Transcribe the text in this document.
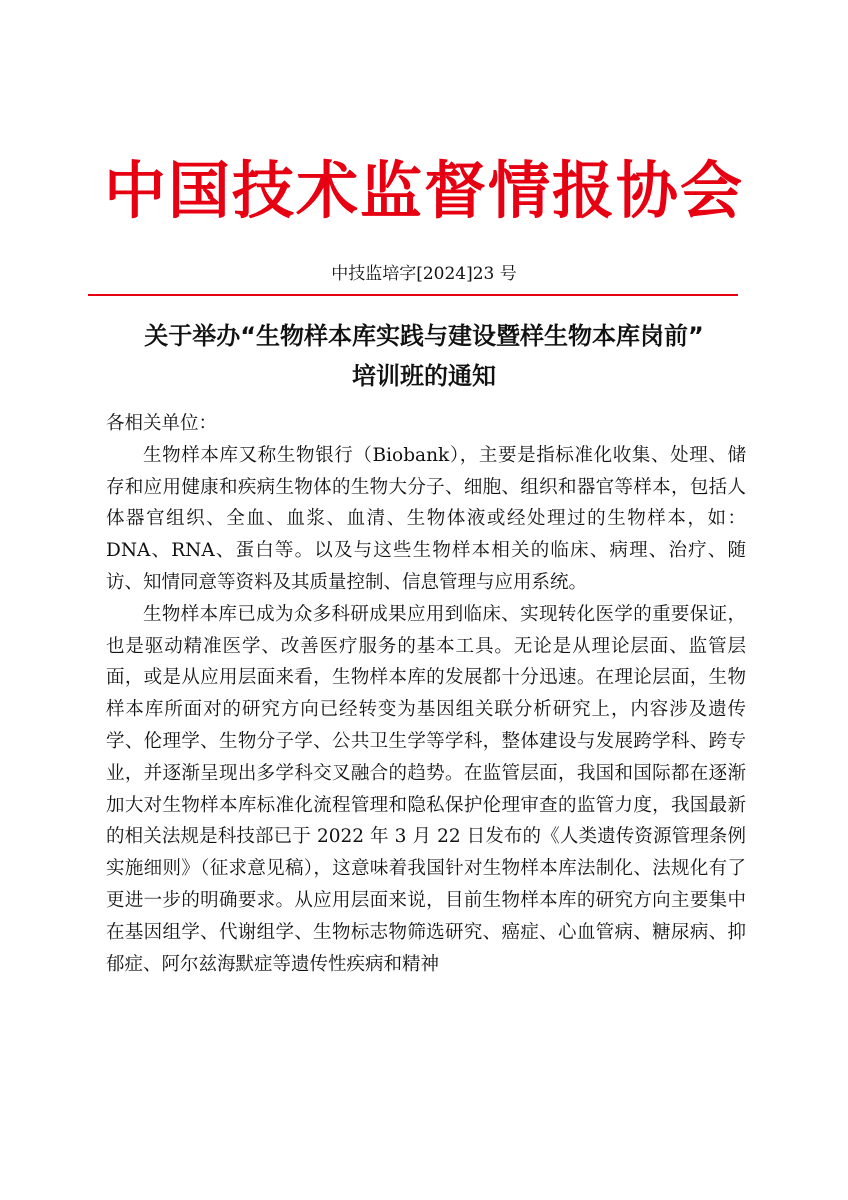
中国技术监督情报协会
中技监培字[2024]23 号
关于举办“生物样本库实践与建设暨样生物本库岗前”
培训班的通知

各相关单位：

生物样本库又称生物银行（Biobank），主要是指标准化收集、处理、储存和应用健康和疾病生物体的生物大分子、细胞、组织和器官等样本，包括人体器官组织、全血、血浆、血清、生物体液或经处理过的生物样本，如：DNA、RNA、蛋白等。以及与这些生物样本相关的临床、病理、治疗、随访、知情同意等资料及其质量控制、信息管理与应用系统。

生物样本库已成为众多科研成果应用到临床、实现转化医学的重要保证，也是驱动精准医学、改善医疗服务的基本工具。无论是从理论层面、监管层面，或是从应用层面来看，生物样本库的发展都十分迅速。在理论层面，生物样本库所面对的研究方向已经转变为基因组关联分析研究上，内容涉及遗传学、伦理学、生物分子学、公共卫生学等学科，整体建设与发展跨学科、跨专业，并逐渐呈现出多学科交叉融合的趋势。在监管层面，我国和国际都在逐渐加大对生物样本库标准化流程管理和隐私保护伦理审查的监管力度，我国最新的相关法规是科技部已于 2022 年 3 月 22 日发布的《人类遗传资源管理条例实施细则》（征求意见稿），这意味着我国针对生物样本库法制化、法规化有了更进一步的明确要求。从应用层面来说，目前生物样本库的研究方向主要集中在基因组学、代谢组学、生物标志物筛选研究、癌症、心血管病、糖尿病、抑郁症、阿尔兹海默症等遗传性疾病和精神
